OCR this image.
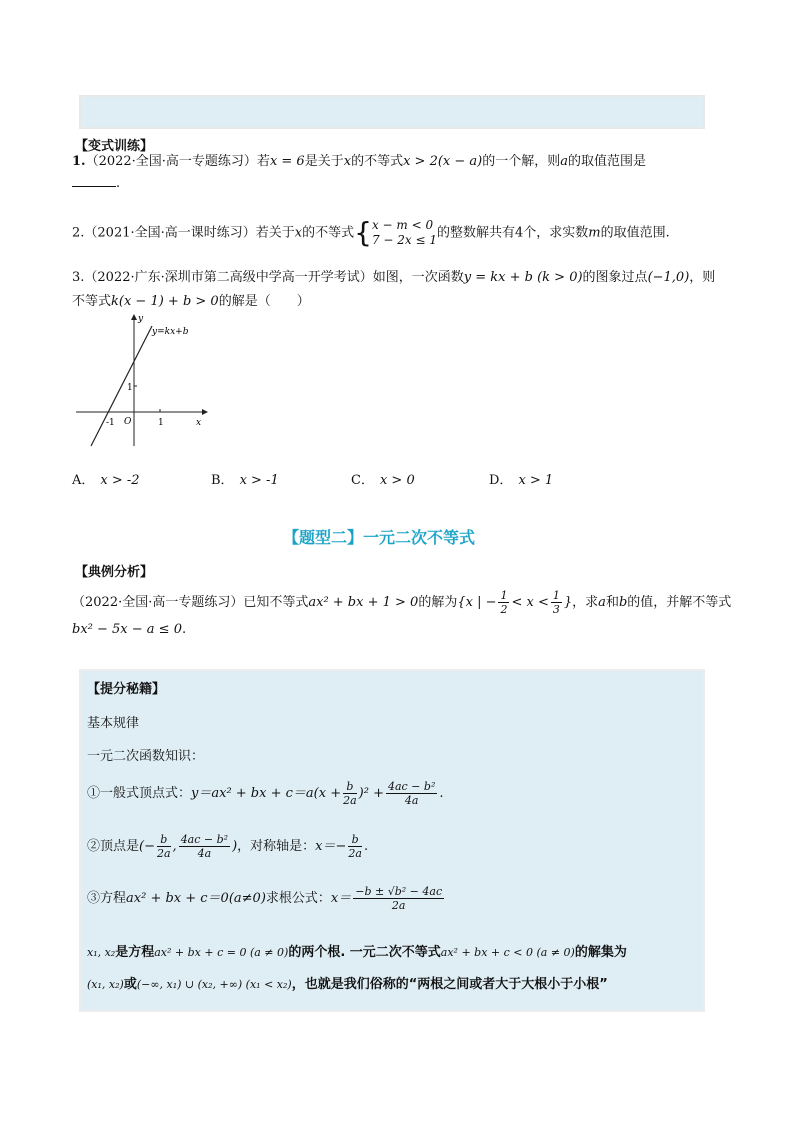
【变式训练】
1.（2022·全国·高一专题练习）若x = 6是关于x的不等式x > 2(x − a)的一个解，则a的取值范围是
.
2.（2021·全国·高一课时练习）若关于x的不等式{ x − m < 0
7 − 2x ≤ 1 的整数解共有4个，求实数m的取值范围.
3.（2022·广东·深圳市第二高级中学高一开学考试）如图，一次函数y = kx + b (k > 0)的图象过点(−1,0)，则
不等式k(x − 1) + b > 0的解是（　　）
y=kx+b
y
x
O
-1	1
1
A． x > -2	B． x > -1	C． x > 0	D． x > 1
【题型二】一元二次不等式
【典例分析】
（2022·全国·高一专题练习）已知不等式ax² + bx + 1 > 0的解为{x | − $\frac{1}{2} < x < \frac{1}{3}$ }，求a和b的值，并解不等式
bx² − 5x − a ≤ 0.
【提分秘籍】
基本规律
一元二次函数知识：
①一般式顶点式：y＝ax² + bx + $c=a(x + \frac{b}{2a} )^2 + \frac{\text{4ac − b²}}{4a}$ .
②顶点是(− $\frac{b}{2a}$ , $\frac{\text{4ac − b²}}{4a}$ )，对称轴是：$x=- \frac{b}{2a}$ .
③方程ax² + bx + c＝0(a≠0)求根公式：$x= \frac{\text{−b ± √b² − 4ac}}{2a}$
x₁, x₂是方程ax² + bx + c = 0 (a ≠ 0)的两个根. 一元二次不等式ax² + bx + c < 0 (a ≠ 0)的解集为
(x₁, x₂)或(−∞, x₁) ∪ (x₂, +∞) (x₁ < x₂)，也就是我们俗称的“两根之间或者大于大根小于小根”
